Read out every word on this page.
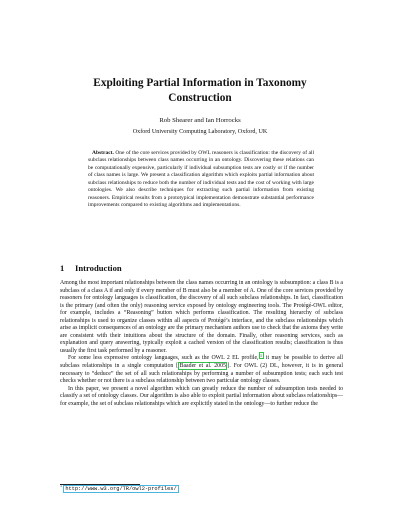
Exploiting Partial Information in Taxonomy
Construction
Rob Shearer and Ian Horrocks
Oxford University Computing Laboratory, Oxford, UK
Abstract. One of the core services provided by OWL reasoners is classification: the discovery of all subclass relationships between class names occurring in an ontology. Discovering these relations can be computationally expensive, particularly if individual subsumption tests are costly or if the number of class names is large. We present a classification algorithm which exploits partial information about subclass relationships to reduce both the number of individual tests and the cost of working with large ontologies. We also describe techniques for extracting such partial information from existing reasoners. Empirical results from a prototypical implementation demonstrate substantial performance improvements compared to existing algorithms and implementations.
1 Introduction

Among the most important relationships between the class names occurring in an ontology is subsumption: a class B is a subclass of a class A if and only if every member of B must also be a member of A. One of the core services provided by reasoners for ontology languages is classification, the discovery of all such subclass relationships. In fact, classification is the primary (and often the only) reasoning service exposed by ontology engineering tools. The Protégé-OWL editor, for example, includes a “Reasoning” button which performs classification. The resulting hierarchy of subclass relationships is used to organize classes within all aspects of Protégé’s interface, and the subclass relationships which arise as implicit consequences of an ontology are the primary mechanism authors use to check that the axioms they write are consistent with their intuitions about the structure of the domain. Finally, other reasoning services, such as explanation and query answering, typically exploit a cached version of the classification results; classification is thus usually the first task performed by a reasoner.

For some less expressive ontology languages, such as the OWL 2 EL profile,$^1$ it may be possible to derive all subclass relationships in a single computation [ Baader et al. 2005 ]. For OWL (2) DL, however, it is in general necessary to “deduce” the set of all such relationships by performing a number of subsumption tests; each such test checks whether or not there is a subclass relationship between two particular ontology classes.

In this paper, we present a novel algorithm which can greatly reduce the number of subsumption tests needed to classify a set of ontology classes. Our algorithm is also able to exploit partial information about subclass relationships—for example, the set of subclass relationships which are explicitly stated in the ontology—to further reduce the

$^1$ http://www.w3.org/TR/owl2-profiles/
